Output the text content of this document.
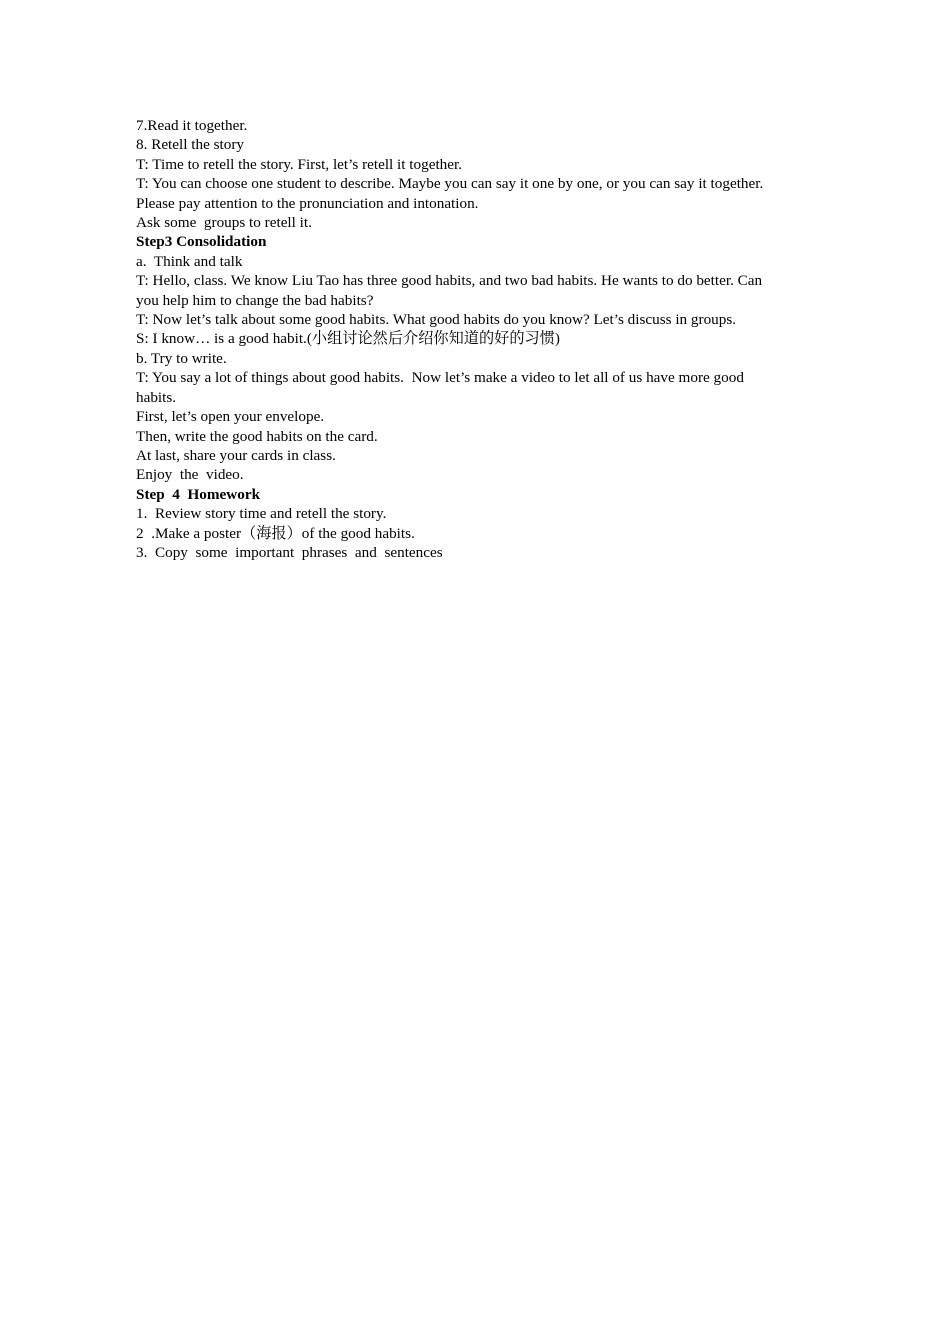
7.Read it together.

8. Retell the story

T: Time to retell the story. First, let’s retell it together.

T: You can choose one student to describe. Maybe you can say it one by one, or you can say it together. Please pay attention to the pronunciation and intonation.

Ask some  groups to retell it.

Step3 Consolidation

a.  Think and talk

T: Hello, class. We know Liu Tao has three good habits, and two bad habits. He wants to do better. Can you help him to change the bad habits?

T: Now let’s talk about some good habits. What good habits do you know? Let’s discuss in groups.

S: I know… is a good habit.(小组讨论然后介绍你知道的好的习惯)

b. Try to write.

T: You say a lot of things about good habits.  Now let’s make a video to let all of us have more good habits.

First, let’s open your envelope.

Then, write the good habits on the card.

At last, share your cards in class.

Enjoy  the  video.

Step  4  Homework

1.  Review story time and retell the story.

2  .Make a poster（海报）of the good habits.

3.  Copy  some  important  phrases  and  sentences
